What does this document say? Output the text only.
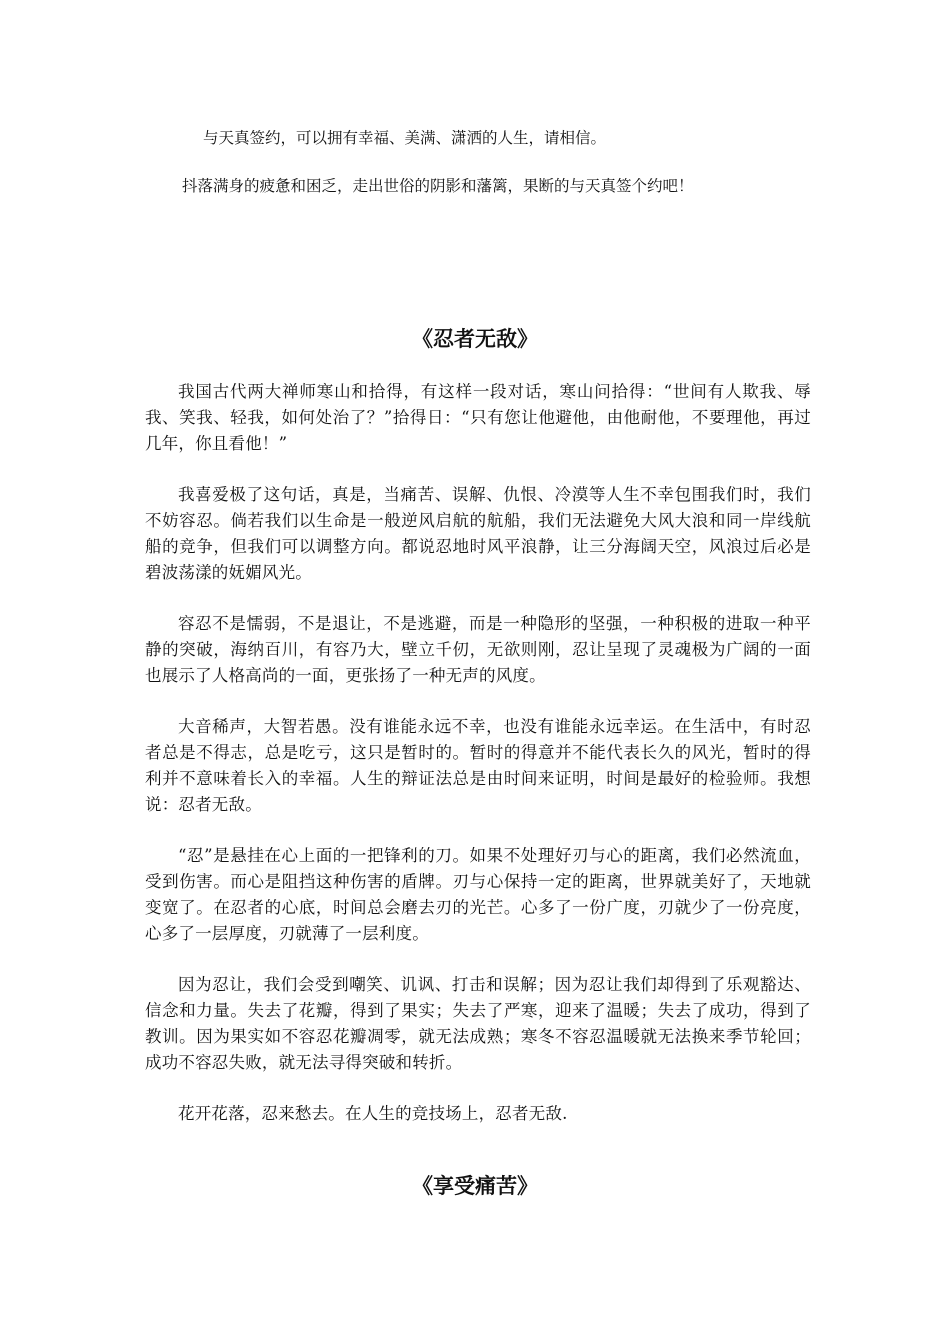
与天真签约，可以拥有幸福、美满、潇洒的人生，请相信。

抖落满身的疲惫和困乏，走出世俗的阴影和藩篱，果断的与天真签个约吧！

《忍者无敌》

我国古代两大禅师寒山和拾得，有这样一段对话，寒山问拾得：“世间有人欺我、辱我、笑我、轻我，如何处治了？”拾得日：“只有您让他避他，由他耐他，不要理他，再过几年，你且看他！”

我喜爱极了这句话，真是，当痛苦、误解、仇恨、冷漠等人生不幸包围我们时，我们不妨容忍。倘若我们以生命是一般逆风启航的航船，我们无法避免大风大浪和同一岸线航船的竞争，但我们可以调整方向。都说忍地时风平浪静，让三分海阔天空，风浪过后必是碧波荡漾的妩媚风光。

容忍不是懦弱，不是退让，不是逃避，而是一种隐形的坚强，一种积极的进取一种平静的突破，海纳百川，有容乃大，壁立千仞，无欲则刚，忍让呈现了灵魂极为广阔的一面也展示了人格高尚的一面，更张扬了一种无声的风度。

大音稀声，大智若愚。没有谁能永远不幸，也没有谁能永远幸运。在生活中，有时忍者总是不得志，总是吃亏，这只是暂时的。暂时的得意并不能代表长久的风光，暂时的得利并不意味着长入的幸福。人生的辩证法总是由时间来证明，时间是最好的检验师。我想说：忍者无敌。

“忍”是悬挂在心上面的一把锋利的刀。如果不处理好刃与心的距离，我们必然流血，受到伤害。而心是阻挡这种伤害的盾牌。刃与心保持一定的距离，世界就美好了，天地就变宽了。在忍者的心底，时间总会磨去刃的光芒。心多了一份广度，刃就少了一份亮度，心多了一层厚度，刃就薄了一层利度。

因为忍让，我们会受到嘲笑、讥讽、打击和误解；因为忍让我们却得到了乐观豁达、信念和力量。失去了花瓣，得到了果实；失去了严寒，迎来了温暖；失去了成功，得到了教训。因为果实如不容忍花瓣凋零，就无法成熟；寒冬不容忍温暖就无法换来季节轮回；成功不容忍失败，就无法寻得突破和转折。

花开花落，忍来愁去。在人生的竞技场上，忍者无敌.

《享受痛苦》
